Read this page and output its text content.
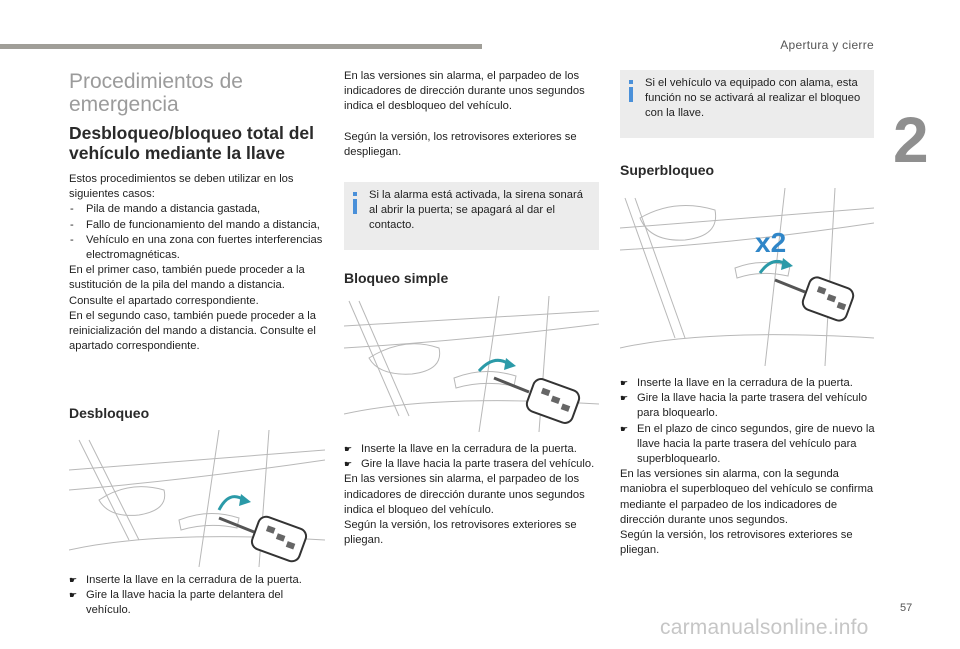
Apertura y cierre
2
Procedimientos de emergencia
Desbloqueo/bloqueo total del vehículo mediante la llave

Estos procedimientos se deben utilizar en los siguientes casos:

- Pila de mando a distancia gastada,
- Fallo de funcionamiento del mando a distancia,
- Vehículo en una zona con fuertes interferencias electromagnéticas.

En el primer caso, también puede proceder a la sustitución de la pila del mando a distancia. Consulte el apartado correspondiente.

En el segundo caso, también puede proceder a la reinicialización del mando a distancia. Consulte el apartado correspondiente.

Desbloqueo
☛ Inserte la llave en la cerradura de la puerta.
☛ Gire la llave hacia la parte delantera del vehículo.

En las versiones sin alarma, el parpadeo de los indicadores de dirección durante unos segundos indica el desbloqueo del vehículo.

Según la versión, los retrovisores exteriores se despliegan.

Si la alarma está activada, la sirena sonará al abrir la puerta; se apagará al dar el contacto.
Bloqueo simple
☛ Inserte la llave en la cerradura de la puerta.
☛ Gire la llave hacia la parte trasera del vehículo.

En las versiones sin alarma, el parpadeo de los indicadores de dirección durante unos segundos indica el bloqueo del vehículo.

Según la versión, los retrovisores exteriores se pliegan.

Si el vehículo va equipado con alama, esta función no se activará al realizar el bloqueo con la llave.
Superbloqueo
x2
☛ Inserte la llave en la cerradura de la puerta.
☛ Gire la llave hacia la parte trasera del vehículo para bloquearlo.
☛ En el plazo de cinco segundos, gire de nuevo la llave hacia la parte trasera del vehículo para superbloquearlo.

En las versiones sin alarma, con la segunda maniobra el superbloqueo del vehículo se confirma mediante el parpadeo de los indicadores de dirección durante unos segundos.

Según la versión, los retrovisores exteriores se pliegan.

57
carmanualsonline.info
